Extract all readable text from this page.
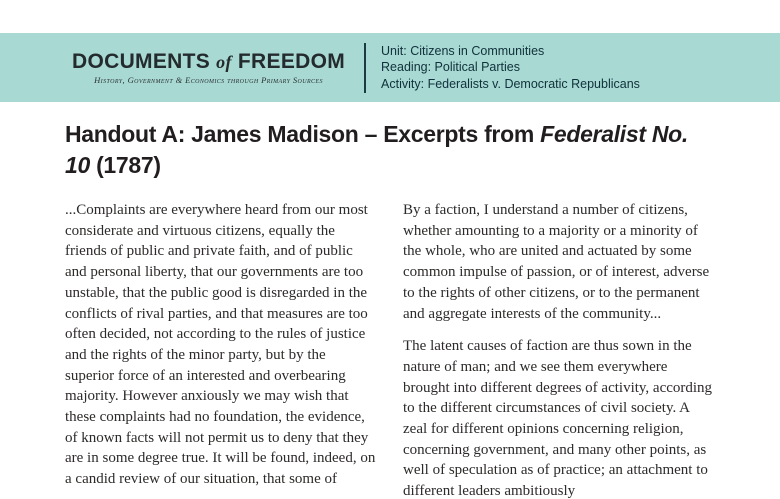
DOCUMENTS of FREEDOM
History, Government & Economics through Primary Sources
Unit: Citizens in Communities
Reading: Political Parties
Activity: Federalists v. Democratic Republicans
Handout A: James Madison – Excerpts from Federalist No.
10 (1787)

...Complaints are everywhere heard from our most considerate and virtuous citizens, equally the friends of public and private faith, and of public and personal liberty, that our governments are too unstable, that the public good is disregarded in the conflicts of rival parties, and that measures are too often decided, not according to the rules of justice and the rights of the minor party, but by the superior force of an interested and overbearing majority. However anxiously we may wish that these complaints had no foundation, the evidence, of known facts will not permit us to deny that they are in some degree true. It will be found, indeed, on a candid review of our situation, that some of

By a faction, I understand a number of citizens, whether amounting to a majority or a minority of the whole, who are united and actuated by some common impulse of passion, or of interest, adverse to the rights of other citizens, or to the permanent and aggregate interests of the community...

The latent causes of faction are thus sown in the nature of man; and we see them everywhere brought into different degrees of activity, according to the different circumstances of civil society. A zeal for different opinions concerning religion, concerning government, and many other points, as well of speculation as of practice; an attachment to different leaders ambitiously
